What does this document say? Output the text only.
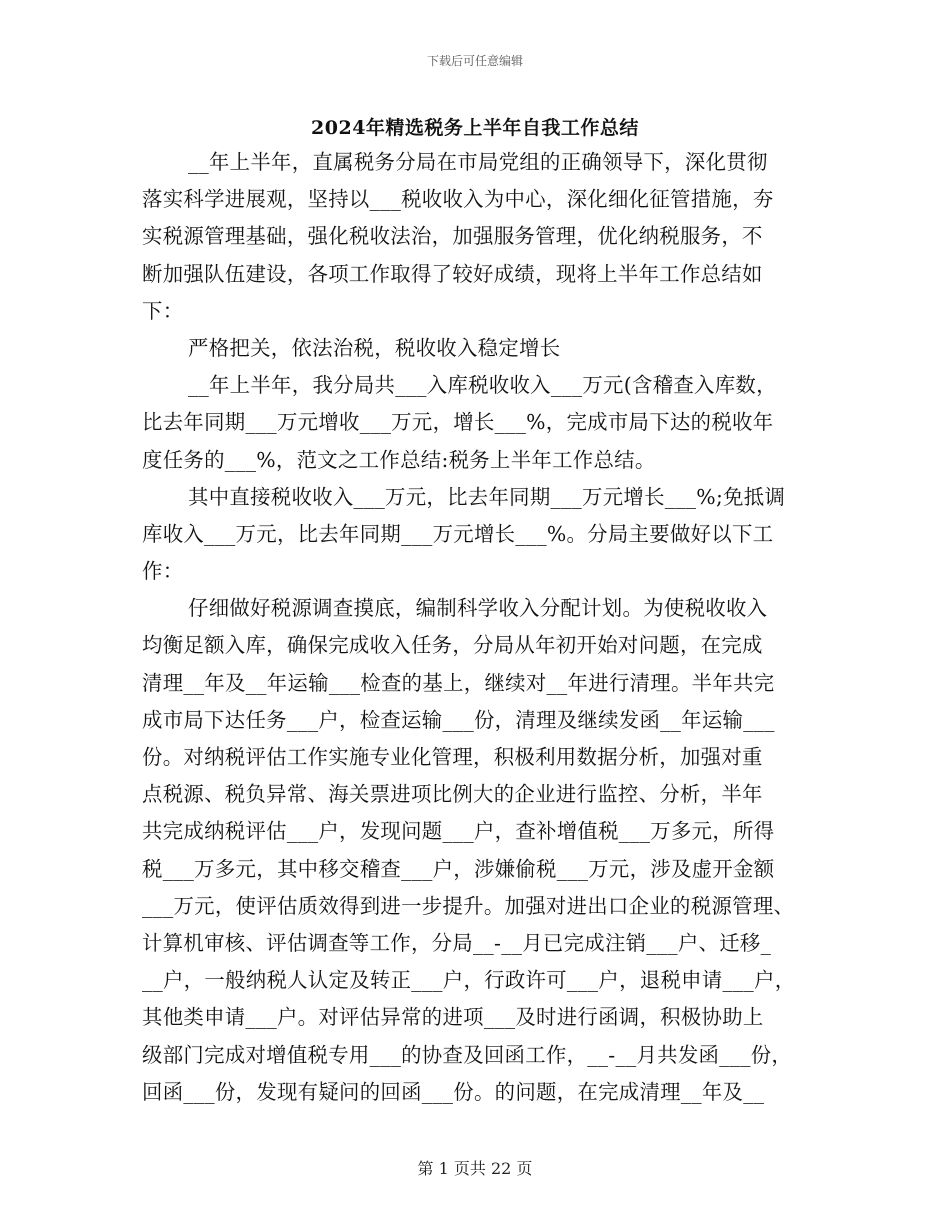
下载后可任意编辑
2024年精选税务上半年自我工作总结
__年上半年，直属税务分局在市局党组的正确领导下，深化贯彻
落实科学进展观，坚持以___税收收入为中心，深化细化征管措施，夯
实税源管理基础，强化税收法治，加强服务管理，优化纳税服务，不
断加强队伍建设，各项工作取得了较好成绩，现将上半年工作总结如
下：
严格把关，依法治税，税收收入稳定增长
__年上半年，我分局共___入库税收收入___万元(含稽查入库数，
比去年同期___万元增收___万元，增长___%，完成市局下达的税收年
度任务的___%，范文之工作总结:税务上半年工作总结。
其中直接税收收入___万元，比去年同期___万元增长___%;免抵调
库收入___万元，比去年同期___万元增长___%。分局主要做好以下工
作：
仔细做好税源调查摸底，编制科学收入分配计划。为使税收收入
均衡足额入库，确保完成收入任务，分局从年初开始对问题，在完成
清理__年及__年运输___检查的基上，继续对__年进行清理。半年共完
成市局下达任务___户，检查运输___份，清理及继续发函__年运输___
份。对纳税评估工作实施专业化管理，积极利用数据分析，加强对重
点税源、税负异常、海关票进项比例大的企业进行监控、分析，半年
共完成纳税评估___户，发现问题___户，查补增值税___万多元，所得
税___万多元，其中移交稽查___户，涉嫌偷税___万元，涉及虚开金额
___万元，使评估质效得到进一步提升。加强对进出口企业的税源管理、
计算机审核、评估调查等工作，分局__-__月已完成注销___户、迁移_
__户，一般纳税人认定及转正___户，行政许可___户，退税申请___户，
其他类申请___户。对评估异常的进项___及时进行函调，积极协助上
级部门完成对增值税专用___的协查及回函工作，__-__月共发函___份，
回函___份，发现有疑问的回函___份。的问题，在完成清理__年及__
第 1 页共 22 页
